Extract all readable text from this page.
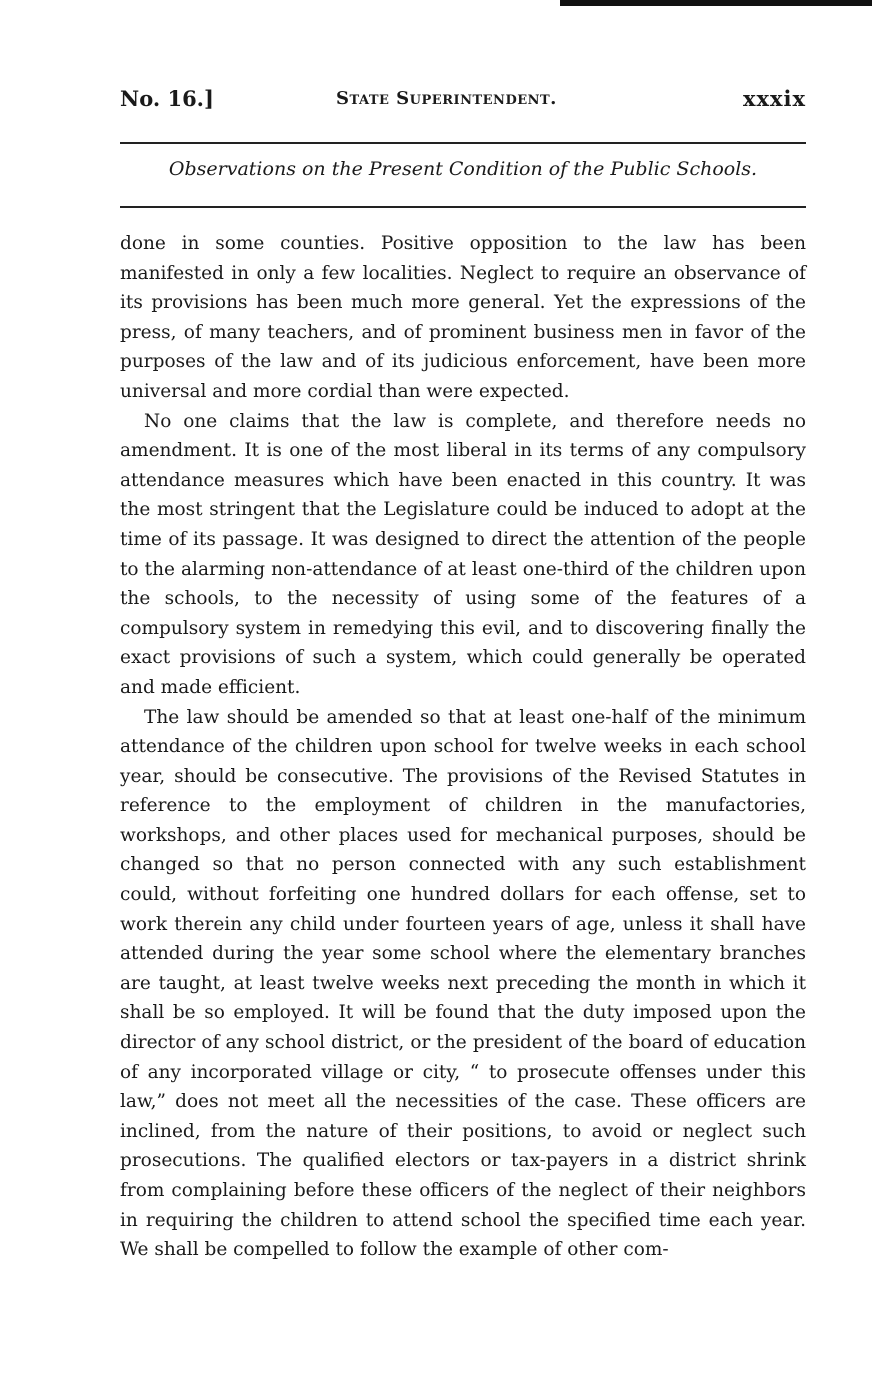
No. 16.]	State Superintendent.	xxxix
Observations on the Present Condition of the Public Schools.

done in some counties. Positive opposition to the law has been manifested in only a few localities. Neglect to require an observance of its provisions has been much more general. Yet the expressions of the press, of many teachers, and of prominent business men in favor of the purposes of the law and of its judicious enforcement, have been more universal and more cordial than were expected.

No one claims that the law is complete, and therefore needs no amendment. It is one of the most liberal in its terms of any compulsory attendance measures which have been enacted in this country. It was the most stringent that the Legislature could be induced to adopt at the time of its passage. It was designed to direct the attention of the people to the alarming non-attendance of at least one-third of the children upon the schools, to the necessity of using some of the features of a compulsory system in remedying this evil, and to discovering finally the exact provisions of such a system, which could generally be operated and made efficient.

The law should be amended so that at least one-half of the minimum attendance of the children upon school for twelve weeks in each school year, should be consecutive. The provisions of the Revised Statutes in reference to the employment of children in the manufactories, workshops, and other places used for mechanical purposes, should be changed so that no person connected with any such establishment could, without forfeiting one hundred dollars for each offense, set to work therein any child under fourteen years of age, unless it shall have attended during the year some school where the elementary branches are taught, at least twelve weeks next preceding the month in which it shall be so employed. It will be found that the duty imposed upon the director of any school district, or the president of the board of education of any incorporated village or city, “ to prosecute offenses under this law,” does not meet all the necessities of the case. These officers are inclined, from the nature of their positions, to avoid or neglect such prosecutions. The qualified electors or tax-payers in a district shrink from complaining before these officers of the neglect of their neighbors in requiring the children to attend school the specified time each year. We shall be compelled to follow the example of other com-
